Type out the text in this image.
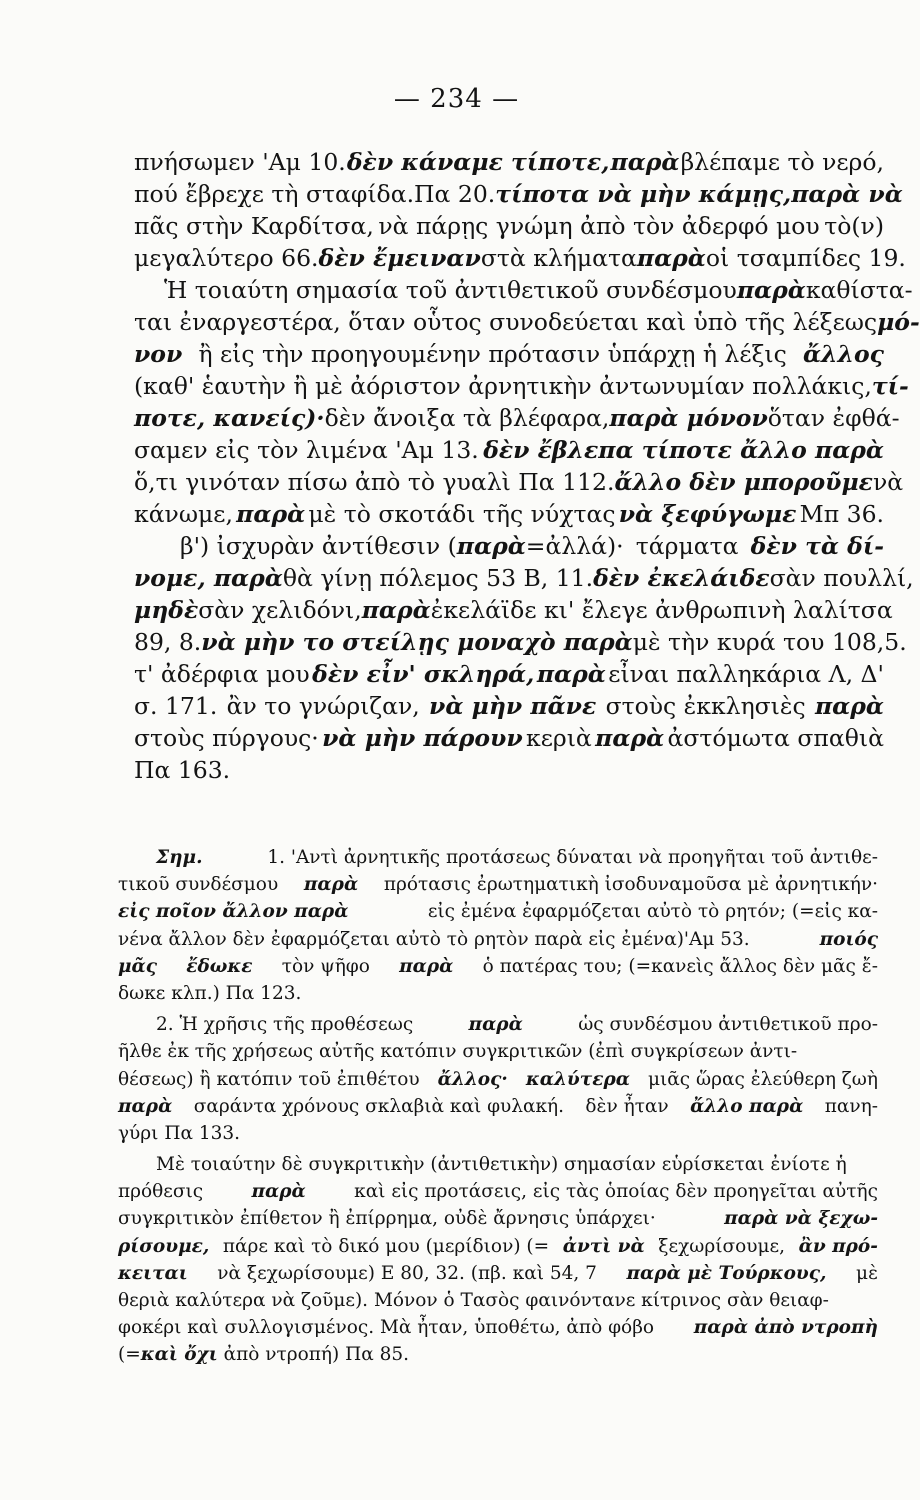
— 234 —
πνήσωμεν 'Αμ 10. δὲν κάναμε τίποτε, παρὰ βλέπαμε τὸ νερό,
πού ἔβρεχε τὴ σταφίδα. Πα 20. τίποτα νὰ μὴν κάμῃς, παρὰ νὰ
πᾶς στὴν Καρδίτσα, νὰ πάρῃς γνώμη ἀπὸ τὸν ἀδερφό μου τὸ(ν)
μεγαλύτερο 66. δὲν ἔμειναν στὰ κλήματα παρὰ οἱ τσαμπίδες 19.
Ἡ τοιαύτη σημασία τοῦ ἀντιθετικοῦ συνδέσμου παρὰ καθίστα-
ται ἐναργεστέρα, ὅταν οὗτος συνοδεύεται καὶ ὑπὸ τῆς λέξεως μό-
νον ἢ εἰς τὴν προηγουμένην πρότασιν ὑπάρχῃ ἡ λέξις ἄλλος
(καθ' ἑαυτὴν ἢ μὲ ἀόριστον ἀρνητικὴν ἀντωνυμίαν πολλάκις, τί-
ποτε, κανείς)· δὲν ἄνοιξα τὰ βλέφαρα, παρὰ μόνον ὅταν ἐφθά-
σαμεν εἰς τὸν λιμένα 'Αμ 13. δὲν ἔβλεπα τίποτε ἄλλο παρὰ
ὅ,τι γινόταν πίσω ἀπὸ τὸ γυαλὶ Πα 112. ἄλλο δὲν μποροῦμε νὰ
κάνωμε, παρὰ μὲ τὸ σκοτάδι τῆς νύχτας νὰ ξεφύγωμε Μπ 36.
β') ἰσχυρὰν ἀντίθεσιν (παρὰ=ἀλλά)· τάρματα δὲν τὰ δί-
νομε, παρὰ θὰ γίνῃ πόλεμος 53 Β, 11. δὲν ἐκελάιδε σὰν πουλλί,
μηδὲ σὰν χελιδόνι, παρὰ ἐκελάϊδε κι' ἔλεγε ἀνθρωπινὴ λαλίτσα
89, 8. νὰ μὴν το στείλῃς μοναχὸ παρὰ μὲ τὴν κυρά του 108,5.
τ' ἀδέρφια μου δὲν εἶν' σκληρά, παρὰ εἶναι παλληκάρια Λ, Δ'
σ. 171. ἂν το γνώριζαν, νὰ μὴν πᾶνε στοὺς ἐκκλησιὲς παρὰ
στοὺς πύργους· νὰ μὴν πάρουν κεριὰ παρὰ ἀστόμωτα σπαθιὰ
Πα 163.
Σημ.	1. 'Αντὶ ἀρνητικῆς προτάσεως δύναται νὰ προηγῆται τοῦ ἀντιθε-
τικοῦ συνδέσμου παρὰ πρότασις ἐρωτηματικὴ ἰσοδυναμοῦσα μὲ ἀρνητικήν·
εἰς ποῖον ἄλλον παρὰ	εἰς ἐμένα ἐφαρμόζεται αὐτὸ τὸ ρητόν; (=εἰς κα-
νένα ἄλλον δὲν ἐφαρμόζεται αὐτὸ τὸ ρητὸν παρὰ εἰς ἐμένα)'Αμ 53.	ποιός
μᾶς ἔδωκε τὸν ψῆφο παρὰ ὁ πατέρας του; (=κανεὶς ἄλλος δὲν μᾶς ἔ-
δωκε κλπ.) Πα 123.
2. Ἡ χρῆσις τῆς προθέσεως	παρὰ	ὡς συνδέσμου ἀντιθετικοῦ προ-
ῆλθε ἐκ τῆς χρήσεως αὐτῆς κατόπιν συγκριτικῶν (ἐπὶ συγκρίσεων ἀντι-
θέσεως) ἢ κατόπιν τοῦ ἐπιθέτου ἄλλος· καλύτερα μιᾶς ὥρας ἐλεύθερη ζωὴ
παρὰ σαράντα χρόνους σκλαβιὰ καὶ φυλακή. δὲν ἦταν ἄλλο παρὰ πανη-
γύρι Πα 133.
Μὲ τοιαύτην δὲ συγκριτικὴν (ἀντιθετικὴν) σημασίαν εὑρίσκεται ἐνίοτε ἡ
πρόθεσις	παρὰ	καὶ εἰς προτάσεις, εἰς τὰς ὁποίας δὲν προηγεῖται αὐτῆς
συγκριτικὸν ἐπίθετον ἢ ἐπίρρημα, οὐδὲ ἄρνησις ὑπάρχει·	παρὰ νὰ ξεχω-
ρίσουμε, πάρε καὶ τὸ δικό μου (μερίδιον) (= ἀντὶ νὰ ξεχωρίσουμε, ἂν πρό-
κειται νὰ ξεχωρίσουμε) Ε 80, 32. (πβ. καὶ 54, 7 παρὰ μὲ Τούρκους, μὲ
θεριὰ καλύτερα νὰ ζοῦμε). Μόνον ὁ Τασὸς φαινόντανε κίτρινος σὰν θειαφ-
φοκέρι καὶ συλλογισμένος. Μὰ ἦταν, ὑποθέτω, ἀπὸ φόβο παρὰ ἀπὸ ντροπὴ
(= καὶ ὄχι
ἀπὸ ντροπή) Πα 85.
